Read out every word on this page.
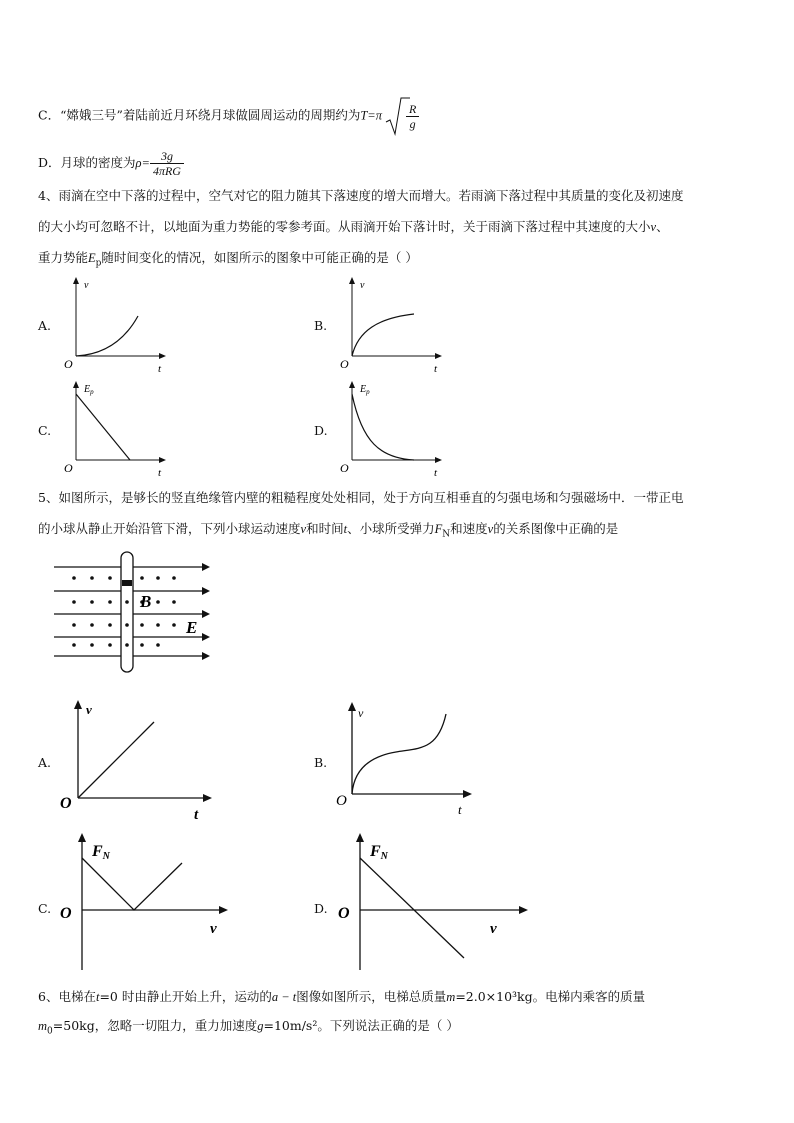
C．“嫦娥三号”着陆前近月环绕月球做圆周运动的周期约为$T=\pi \frac{R}{g}$
D．月球的密度为$\rho= \frac{3g}{\text{4πRG}}$
4、雨滴在空中下落的过程中，空气对它的阻力随其下落速度的增大而增大。若雨滴下落过程中其质量的变化及初速度
的大小均可忽略不计，以地面为重力势能的零参考面。从雨滴开始下落计时，关于雨滴下落过程中其速度的大小v、
重力势能$E_p$随时间变化的情况，如图所示的图象中可能正确的是（ ）
A.	B.
C.	D.
v
t
O
v
t
O
$E_p$
t
O
$E_p$
t
O
5、如图所示，是够长的竖直绝缘管内壁的粗糙程度处处相同，处于方向互相垂直的匀强电场和匀强磁场中．一带正电
的小球从静止开始沿管下滑，下列小球运动速度v和时间t、小球所受弹力$F_N$和速度v的关系图像中正确的是
B
E
A.	B.
C.	D.
v
t
O
v
t
O
FN
v
O
FN
v
O
6、电梯在t=0 时由静止开始上升，运动的a − t图像如图所示，电梯总质量m=2.0×10³kg。电梯内乘客的质量
$m_0=50kg$，忽略一切阻力，重力加速度g=10m/s²。下列说法正确的是（ ）
